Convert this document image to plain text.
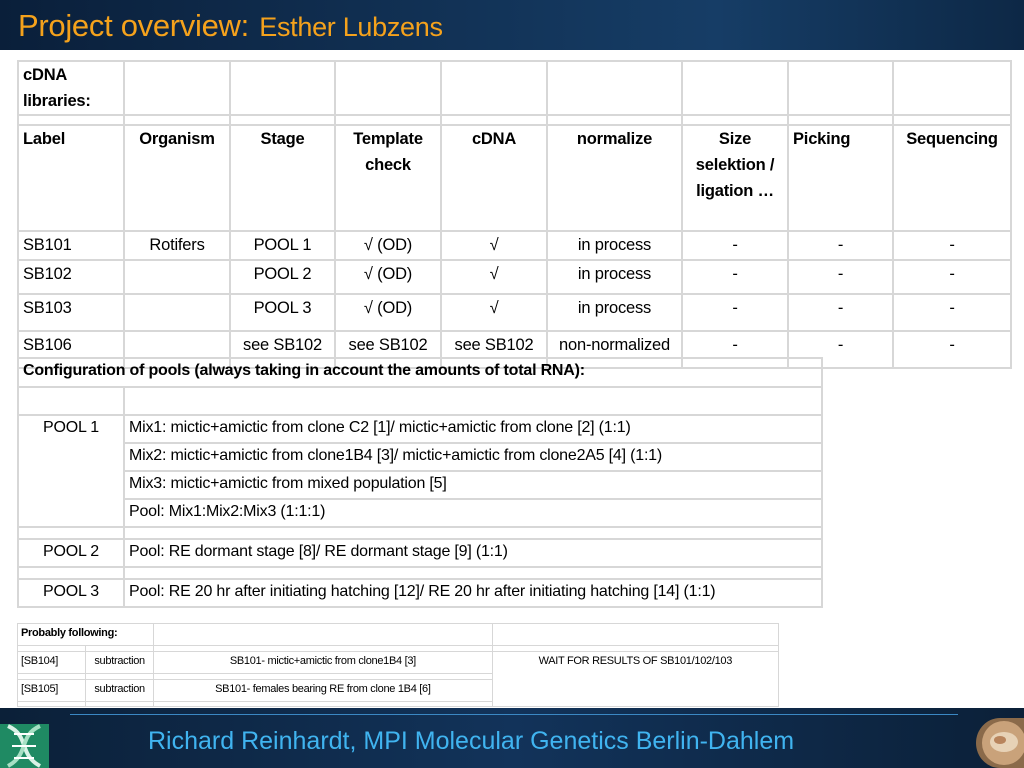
Project overview: Esther Lubzens
cDNA libraries:								

Label	Organism	Stage	Template check	cDNA	normalize	Size selektion / ligation …	Picking	Sequencing
SB101	Rotifers	POOL 1	√ (OD)	√	in process	-	-	-
SB102		POOL 2	√ (OD)	√	in process	-	-	-
SB103		POOL 3	√ (OD)	√	in process	-	-	-
SB106		see SB102	see SB102	see SB102	non-normalized	-	-	-
Configuration of pools (always taking in account the amounts of total RNA):	

POOL 1	Mix1: mictic+amictic from clone C2 [1]/ mictic+amictic from clone [2] (1:1)
	Mix2: mictic+amictic from clone1B4 [3]/ mictic+amictic from clone2A5 [4] (1:1)
	Mix3: mictic+amictic from mixed population [5]
	Pool: Mix1:Mix2:Mix3 (1:1:1)

POOL 2	Pool: RE dormant stage [8]/ RE dormant stage [9] (1:1)

POOL 3	Pool: RE 20 hr after initiating hatching [12]/ RE 20 hr after initiating hatching [14] (1:1)
Probably following:			

[SB104]	subtraction	SB101- mictic+amictic from clone1B4 [3]	WAIT FOR RESULTS OF SB101/102/103

[SB105]	subtraction	SB101- females bearing RE from clone 1B4 [6]	

Richard Reinhardt, MPI Molecular Genetics Berlin-Dahlem
